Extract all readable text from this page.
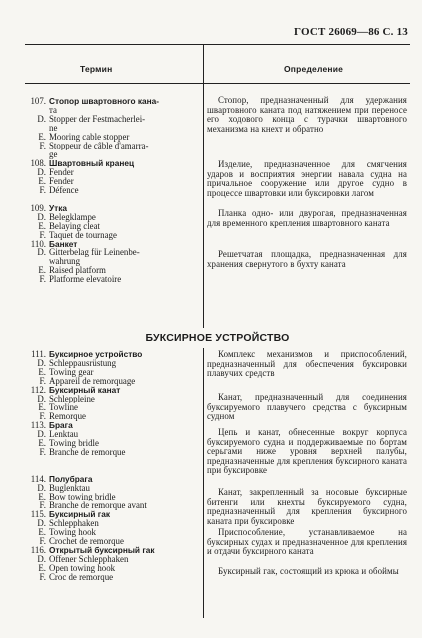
ГОСТ 26069—86 С. 13
Термин	Определение
107. Стопор швартовного кана-
та
D. Stopper der Festmacherlei-
ne
E. Mooring cable stopper
F. Stoppeur de câble d'amarra-
ge
108. Швартовный кранец
D. Fender
E. Fender
F. Défence

109. Утка
D. Belegklampe
E. Belaying cleat
F. Taquet de tournage
110. Банкет
D. Gitterbelag für Leinenbe-
wahrung
E. Raised platform
F. Platforme elevatoire
БУКСИРНОЕ УСТРОЙСТВО
111. Буксирное устройство
D. Schleppausrüstung
E. Towing gear
F. Appareil de remorquage
112. Буксирный канат
D. Schleppleine
E. Towline
F. Remorque
113. Брага
D. Lenktau
E. Towing bridle
F. Branche de remorque

114. Полубрага
D. Buglenktau
E. Bow towing bridle
F. Branche de remorque avant
115. Буксирный гак
D. Schlepphaken
E. Towing hook
F. Crochet de remorque
116. Открытый буксирный гак
D. Offener Schlepphaken
E. Open towing hook
F. Croc de remorque

Стопор, предназначенный для удержания швартовного каната под натяжением при переносе его ходового конца с турачки швартовного механизма на кнехт и обратно

Изделие, предназначенное для смягчения ударов и восприятия энергии навала судна на причальное сооружение или другое судно в процессе швартовки или буксировки лагом

Планка одно- или двурогая, предназначенная для временного крепления швартовного каната

Решетчатая площадка, предназначенная для хранения свернутого в бухту каната

Комплекс механизмов и приспособлений, предназначенный для обеспечения буксировки плавучих средств

Канат, предназначенный для соединения буксируемого плавучего средства с буксирным судном

Цепь и канат, обнесенные вокруг корпуса буксируемого судна и поддерживаемые по бортам серьгами ниже уровня верхней палубы, предназначенные для крепления буксирного каната при буксировке

Канат, закрепленный за носовые буксирные битенги или кнехты буксируемого судна, предназначенный для крепления буксирного каната при буксировке

Приспособление, устанавливаемое на буксирных судах и предназначенное для крепления и отдачи буксирного каната

Буксирный гак, состоящий из крюка и обоймы
